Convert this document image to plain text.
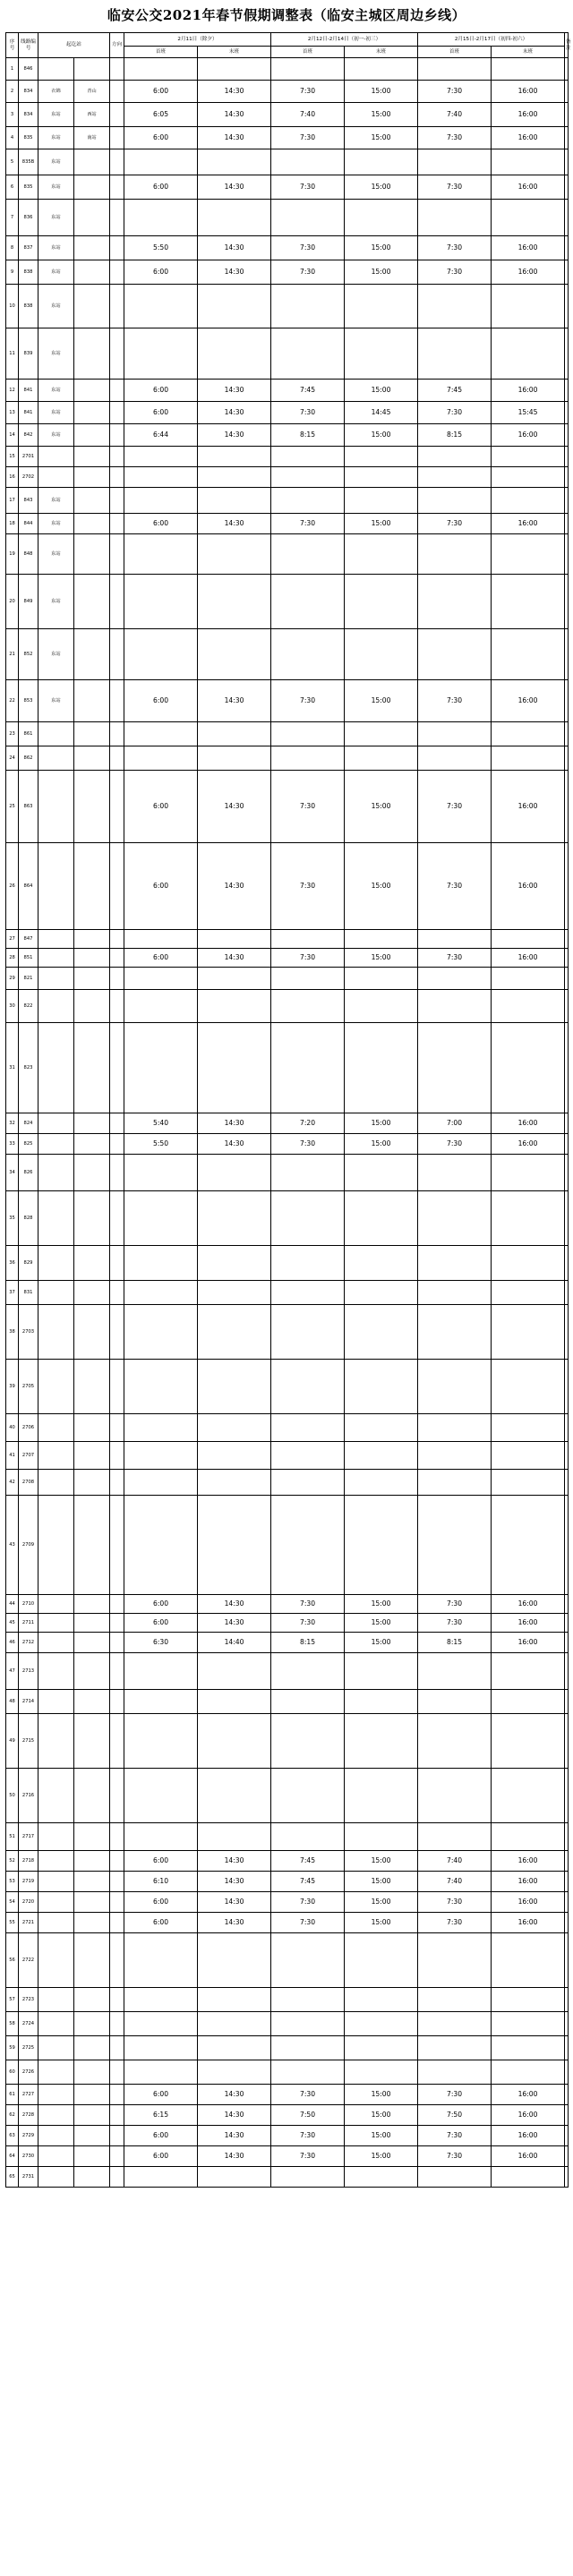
临安公交2021年春节假期调整表（临安主城区周边乡线）
序号	线路编号	起讫站		方向	2月11日（除夕）		2月12日-2月14日（初一-初三）		2月15日-2月17日（初四-初六）		备注
					首班	末班	首班	末班	首班	末班	
1	846										
2	834	衣锦	青山		6:00	14:30	7:30	15:00	7:30	16:00	
3	834	东站	西站		6:05	14:30	7:40	15:00	7:40	16:00	
4	835	东站	南站		6:00	14:30	7:30	15:00	7:30	16:00	
5	835B	东站									
6	835	东站			6:00	14:30	7:30	15:00	7:30	16:00	
7	836	东站									
8	837	东站			5:50	14:30	7:30	15:00	7:30	16:00	
9	838	东站			6:00	14:30	7:30	15:00	7:30	16:00	
10	838	东站									
11	839	东站									
12	841	东站			6:00	14:30	7:45	15:00	7:45	16:00	
13	841	东站			6:00	14:30	7:30	14:45	7:30	15:45	
14	842	东站			6:44	14:30	8:15	15:00	8:15	16:00	
15	2701										
16	2702										
17	843	东站									
18	844	东站			6:00	14:30	7:30	15:00	7:30	16:00	
19	848	东站									
20	849	东站									
21	852	东站									
22	853	东站			6:00	14:30	7:30	15:00	7:30	16:00	
23	861										
24	862										
25	863				6:00	14:30	7:30	15:00	7:30	16:00	
26	864				6:00	14:30	7:30	15:00	7:30	16:00	
27	847										
28	851				6:00	14:30	7:30	15:00	7:30	16:00	
29	821										
30	822										
31	823										
32	824				5:40	14:30	7:20	15:00	7:00	16:00	
33	825				5:50	14:30	7:30	15:00	7:30	16:00	
34	826										
35	828										
36	829										
37	831										
38	2703										
39	2705										
40	2706										
41	2707										
42	2708										
43	2709										
44	2710				6:00	14:30	7:30	15:00	7:30	16:00	
45	2711				6:00	14:30	7:30	15:00	7:30	16:00	
46	2712				6:30	14:40	8:15	15:00	8:15	16:00	
47	2713										
48	2714										
49	2715										
50	2716										
51	2717										
52	2718				6:00	14:30	7:45	15:00	7:40	16:00	
53	2719				6:10	14:30	7:45	15:00	7:40	16:00	
54	2720				6:00	14:30	7:30	15:00	7:30	16:00	
55	2721				6:00	14:30	7:30	15:00	7:30	16:00	
56	2722										
57	2723										
58	2724										
59	2725										
60	2726										
61	2727				6:00	14:30	7:30	15:00	7:30	16:00	
62	2728				6:15	14:30	7:50	15:00	7:50	16:00	
63	2729				6:00	14:30	7:30	15:00	7:30	16:00	
64	2730				6:00	14:30	7:30	15:00	7:30	16:00	
65	2731										
